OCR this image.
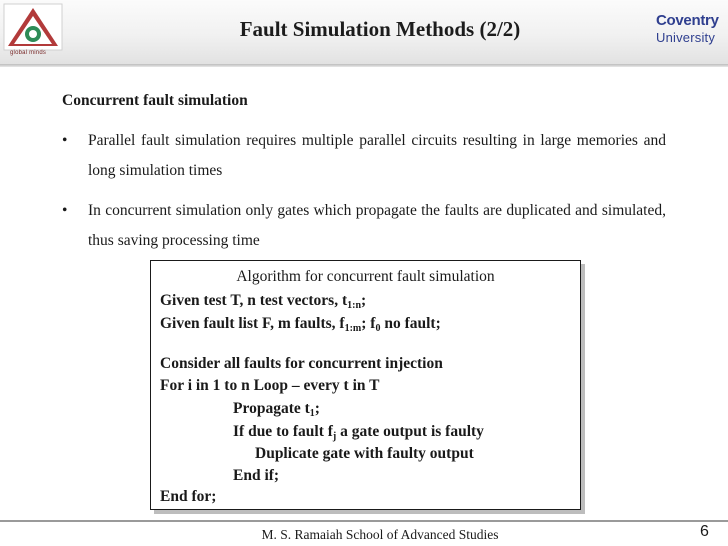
global minds
Fault Simulation Methods (2/2)	Coventry
University
Concurrent fault simulation
•	Parallel fault simulation requires multiple parallel circuits resulting in large memories and long simulation times
•	In concurrent simulation only gates which propagate the faults are duplicated and simulated, thus saving processing time
Algorithm for concurrent fault simulation
Given test T, n test vectors, $t_{1:n}$;
Given fault list F, m faults, $f_{1:m}$; $f_0$ no fault;
Consider all faults for concurrent injection
For i in 1 to n Loop – every t in T
Propagate $t_1$;
If due to fault $f_j$ a gate output is faulty
Duplicate gate with faulty output
End if;
End for;
M. S. Ramaiah School of Advanced Studies	6
